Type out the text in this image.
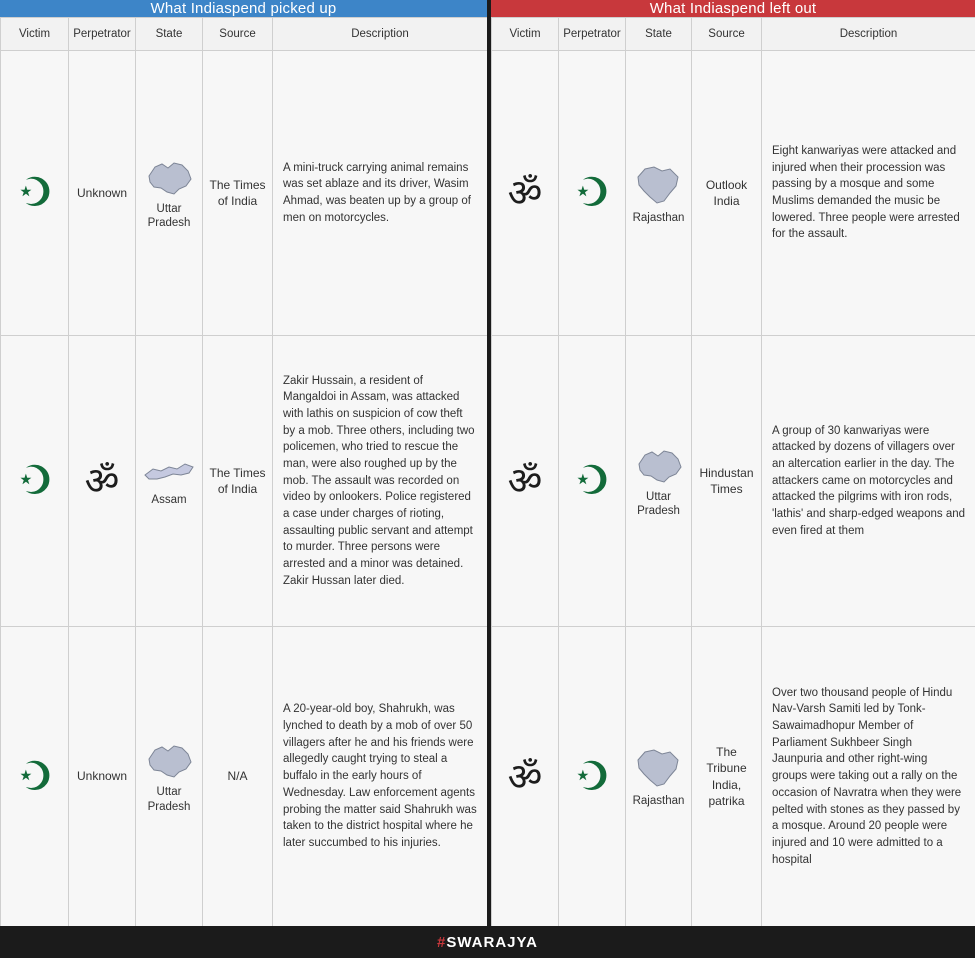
What Indiaspend picked up
Victim	Perpetrator	State	Source	Description
☪	Unknown	Uttar Pradesh	The Times of India	A mini-truck carrying animal remains was set ablaze and its driver, Wasim Ahmad, was beaten up by a group of men on motorcycles.
☪	ॐ	Assam	The Times of India	Zakir Hussain, a resident of Mangaldoi in Assam, was attacked with lathis on suspicion of cow theft by a mob. Three others, including two policemen, who tried to rescue the man, were also roughed up by the mob. The assault was recorded on video by onlookers. Police registered a case under charges of rioting, assaulting public servant and attempt to murder. Three persons were arrested and a minor was detained. Zakir Hussan later died.
☪	Unknown	Uttar Pradesh	N/A	A 20-year-old boy, Shahrukh, was lynched to death by a mob of over 50 villagers after he and his friends were allegedly caught trying to steal a buffalo in the early hours of Wednesday. Law enforcement agents probing the matter said Shahrukh was taken to the district hospital where he later succumbed to his injuries.
What Indiaspend left out
Victim	Perpetrator	State	Source	Description
ॐ	☪	Rajasthan	Outlook India	Eight kanwariyas were attacked and injured when their procession was passing by a mosque and some Muslims demanded the music be lowered. Three people were arrested for the assault.
ॐ	☪	Uttar Pradesh	Hindustan Times	A group of 30 kanwariyas were attacked by dozens of villagers over an altercation earlier in the day. The attackers came on motorcycles and attacked the pilgrims with iron rods, 'lathis' and sharp-edged weapons and even fired at them
ॐ	☪	Rajasthan	The Tribune India, patrika	Over two thousand people of Hindu Nav-Varsh Samiti led by Tonk-Sawaimadhopur Member of Parliament Sukhbeer Singh Jaunpuria and other right-wing groups were taking out a rally on the occasion of Navratra when they were pelted with stones as they passed by a mosque. Around 20 people were injured and 10 were admitted to a hospital
#SWARAJYA
